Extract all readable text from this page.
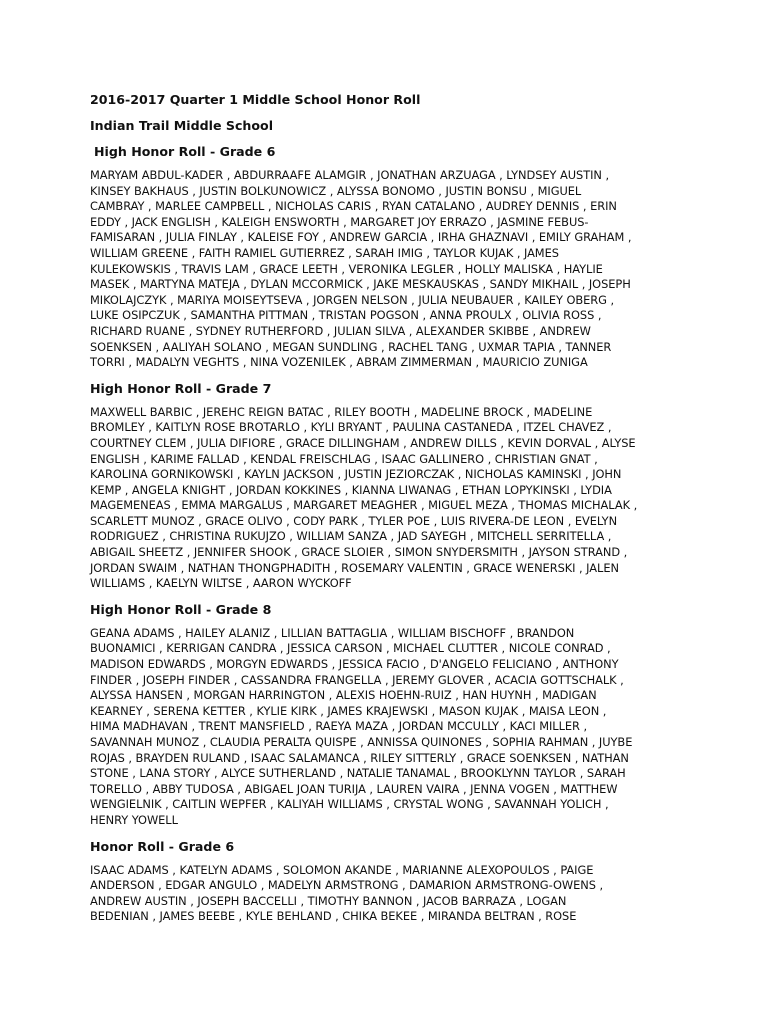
2016-2017 Quarter 1 Middle School Honor Roll
Indian Trail Middle School
High Honor Roll - Grade 6
MARYAM ABDUL-KADER , ABDURRAAFE ALAMGIR , JONATHAN ARZUAGA , LYNDSEY AUSTIN ,
KINSEY BAKHAUS , JUSTIN BOLKUNOWICZ , ALYSSA BONOMO , JUSTIN BONSU , MIGUEL
CAMBRAY , MARLEE CAMPBELL , NICHOLAS CARIS , RYAN CATALANO , AUDREY DENNIS , ERIN
EDDY , JACK ENGLISH , KALEIGH ENSWORTH , MARGARET JOY ERRAZO , JASMINE FEBUS-
FAMISARAN , JULIA FINLAY , KALEISE FOY , ANDREW GARCIA , IRHA GHAZNAVI , EMILY GRAHAM ,
WILLIAM GREENE , FAITH RAMIEL GUTIERREZ , SARAH IMIG , TAYLOR KUJAK , JAMES
KULEKOWSKIS , TRAVIS LAM , GRACE LEETH , VERONIKA LEGLER , HOLLY MALISKA , HAYLIE
MASEK , MARTYNA MATEJA , DYLAN MCCORMICK , JAKE MESKAUSKAS , SANDY MIKHAIL , JOSEPH
MIKOLAJCZYK , MARIYA MOISEYTSEVA , JORGEN NELSON , JULIA NEUBAUER , KAILEY OBERG ,
LUKE OSIPCZUK , SAMANTHA PITTMAN , TRISTAN POGSON , ANNA PROULX , OLIVIA ROSS ,
RICHARD RUANE , SYDNEY RUTHERFORD , JULIAN SILVA , ALEXANDER SKIBBE , ANDREW
SOENKSEN , AALIYAH SOLANO , MEGAN SUNDLING , RACHEL TANG , UXMAR TAPIA , TANNER
TORRI , MADALYN VEGHTS , NINA VOZENILEK , ABRAM ZIMMERMAN , MAURICIO ZUNIGA
High Honor Roll - Grade 7
MAXWELL BARBIC , JEREHC REIGN BATAC , RILEY BOOTH , MADELINE BROCK , MADELINE
BROMLEY , KAITLYN ROSE BROTARLO , KYLI BRYANT , PAULINA CASTANEDA , ITZEL CHAVEZ ,
COURTNEY CLEM , JULIA DIFIORE , GRACE DILLINGHAM , ANDREW DILLS , KEVIN DORVAL , ALYSE
ENGLISH , KARIME FALLAD , KENDAL FREISCHLAG , ISAAC GALLINERO , CHRISTIAN GNAT ,
KAROLINA GORNIKOWSKI , KAYLN JACKSON , JUSTIN JEZIORCZAK , NICHOLAS KAMINSKI , JOHN
KEMP , ANGELA KNIGHT , JORDAN KOKKINES , KIANNA LIWANAG , ETHAN LOPYKINSKI , LYDIA
MAGEMENEAS , EMMA MARGALUS , MARGARET MEAGHER , MIGUEL MEZA , THOMAS MICHALAK ,
SCARLETT MUNOZ , GRACE OLIVO , CODY PARK , TYLER POE , LUIS RIVERA-DE LEON , EVELYN
RODRIGUEZ , CHRISTINA RUKUJZO , WILLIAM SANZA , JAD SAYEGH , MITCHELL SERRITELLA ,
ABIGAIL SHEETZ , JENNIFER SHOOK , GRACE SLOIER , SIMON SNYDERSMITH , JAYSON STRAND ,
JORDAN SWAIM , NATHAN THONGPHADITH , ROSEMARY VALENTIN , GRACE WENERSKI , JALEN
WILLIAMS , KAELYN WILTSE , AARON WYCKOFF
High Honor Roll - Grade 8
GEANA ADAMS , HAILEY ALANIZ , LILLIAN BATTAGLIA , WILLIAM BISCHOFF , BRANDON
BUONAMICI , KERRIGAN CANDRA , JESSICA CARSON , MICHAEL CLUTTER , NICOLE CONRAD ,
MADISON EDWARDS , MORGYN EDWARDS , JESSICA FACIO , D'ANGELO FELICIANO , ANTHONY
FINDER , JOSEPH FINDER , CASSANDRA FRANGELLA , JEREMY GLOVER , ACACIA GOTTSCHALK ,
ALYSSA HANSEN , MORGAN HARRINGTON , ALEXIS HOEHN-RUIZ , HAN HUYNH , MADIGAN
KEARNEY , SERENA KETTER , KYLIE KIRK , JAMES KRAJEWSKI , MASON KUJAK , MAISA LEON ,
HIMA MADHAVAN , TRENT MANSFIELD , RAEYA MAZA , JORDAN MCCULLY , KACI MILLER ,
SAVANNAH MUNOZ , CLAUDIA PERALTA QUISPE , ANNISSA QUINONES , SOPHIA RAHMAN , JUYBE
ROJAS , BRAYDEN RULAND , ISAAC SALAMANCA , RILEY SITTERLY , GRACE SOENKSEN , NATHAN
STONE , LANA STORY , ALYCE SUTHERLAND , NATALIE TANAMAL , BROOKLYNN TAYLOR , SARAH
TORELLO , ABBY TUDOSA , ABIGAEL JOAN TURIJA , LAUREN VAIRA , JENNA VOGEN , MATTHEW
WENGIELNIK , CAITLIN WEPFER , KALIYAH WILLIAMS , CRYSTAL WONG , SAVANNAH YOLICH ,
HENRY YOWELL
Honor Roll - Grade 6
ISAAC ADAMS , KATELYN ADAMS , SOLOMON AKANDE , MARIANNE ALEXOPOULOS , PAIGE
ANDERSON , EDGAR ANGULO , MADELYN ARMSTRONG , DAMARION ARMSTRONG-OWENS ,
ANDREW AUSTIN , JOSEPH BACCELLI , TIMOTHY BANNON , JACOB BARRAZA , LOGAN
BEDENIAN , JAMES BEEBE , KYLE BEHLAND , CHIKA BEKEE , MIRANDA BELTRAN , ROSE
